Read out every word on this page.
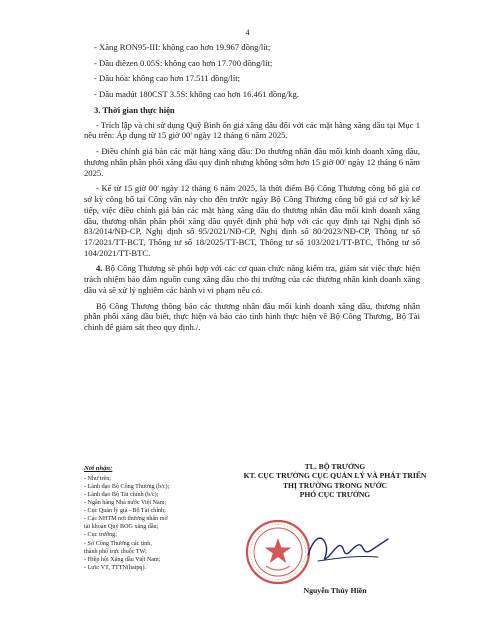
4

- Xăng RON95-III: không cao hơn 19.967 đồng/lít;

- Dầu điêzen 0.05S: không cao hơn 17.700 đồng/lít;

- Dầu hỏa: không cao hơn 17.511 đồng/lít;

- Dầu madút 180CST 3.5S: không cao hơn 16.461 đồng/kg.

3. Thời gian thực hiện

- Trích lập và chi sử dụng Quỹ Bình ổn giá xăng dầu đối với các mặt hàng xăng dầu tại Mục 1 nêu trên: Áp dụng từ 15 giờ 00' ngày 12 tháng 6 năm 2025.

- Điều chỉnh giá bán các mặt hàng xăng dầu: Do thương nhân đầu mối kinh doanh xăng dầu, thương nhân phân phối xăng dầu quy định nhưng không sớm hơn 15 giờ 00' ngày 12 tháng 6 năm 2025.

- Kể từ 15 giờ 00' ngày 12 tháng 6 năm 2025, là thời điểm Bộ Công Thương công bố giá cơ sở kỳ công bố tại Công văn này cho đến trước ngày Bộ Công Thương công bố giá cơ sở kỳ kế tiếp, việc điều chỉnh giá bán các mặt hàng xăng dầu do thương nhân đầu mối kinh doanh xăng dầu, thương nhân phân phối xăng dầu quyết định phù hợp với các quy định tại Nghị định số 83/2014/NĐ-CP, Nghị định số 95/2021/NĐ-CP, Nghị định số 80/2023/NĐ-CP, Thông tư số 17/2021/TT-BCT, Thông tư số 18/2025/TT-BCT, Thông tư số 103/2021/TT-BTC, Thông tư số 104/2021/TT-BTC.

4. Bộ Công Thương sẽ phối hợp với các cơ quan chức năng kiểm tra, giám sát việc thực hiện trách nhiệm bảo đảm nguồn cung xăng dầu cho thị trường của các thương nhân kinh doanh xăng dầu và sẽ xử lý nghiêm các hành vi vi phạm nếu có.

Bộ Công Thương thông báo các thương nhân đầu mối kinh doanh xăng dầu, thương nhân phân phối xăng dầu biết, thực hiện và báo cáo tình hình thực hiện về Bộ Công Thương, Bộ Tài chính để giám sát theo quy định./.

Nơi nhận:
- Như trên;
- Lãnh đạo Bộ Công Thương (b/c);
- Lãnh đạo Bộ Tài chính (b/c);
- Ngân hàng Nhà nước Việt Nam;
- Cục Quản lý giá - Bộ Tài chính;
- Các NHTM nơi thương nhân mở
tài khoản Quỹ BOG xăng dầu;
- Cục trưởng;
- Sở Công Thương các tỉnh,
thành phố trực thuộc TW;
- Hiệp hội Xăng dầu Việt Nam;
- Lưu: VT, TTTN(haipq).
TL. BỘ TRƯỞNG
KT. CỤC TRƯỞNG CỤC QUẢN LÝ VÀ PHÁT TRIỂN
THỊ TRƯỜNG TRONG NƯỚC
PHÓ CỤC TRƯỞNG
Nguyễn Thúy Hiền
